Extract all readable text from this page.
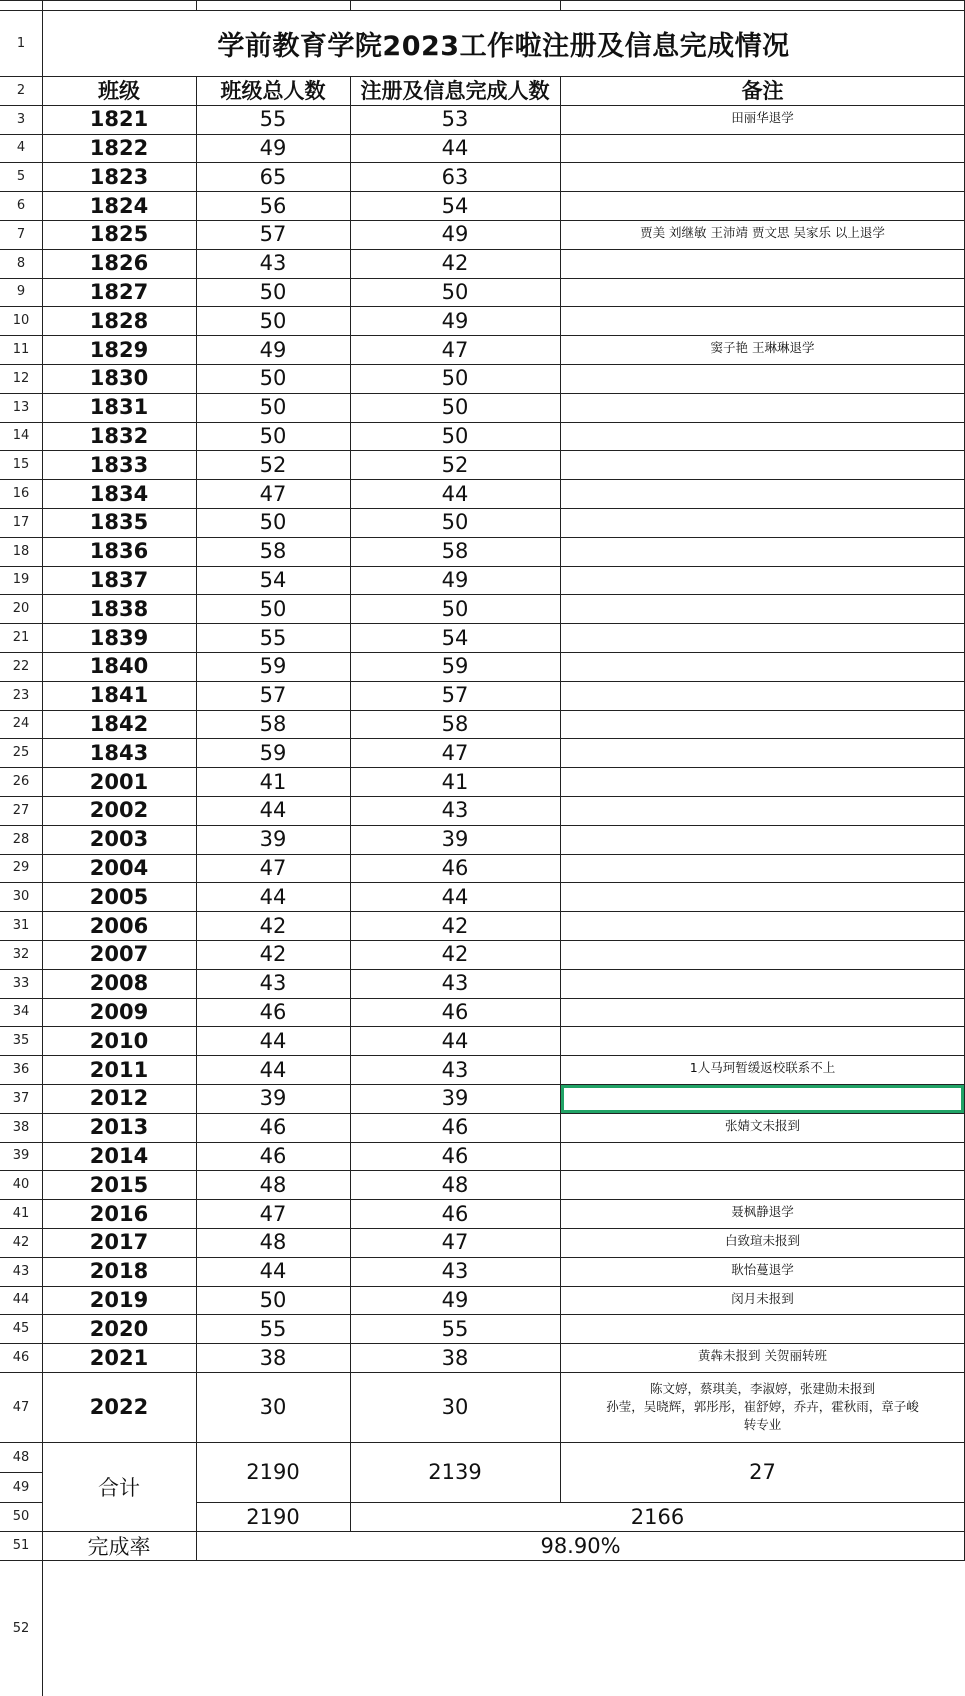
1
2
3
4
5
6
7
8
9
10
11
12
13
14
15
16
17
18
19
20
21
22
23
24
25
26
27
28
29
30
31
32
33
34
35
36
37
38
39
40
41
42
43
44
45
46
47
48
49
50
51
52
学前教育学院2023工作啦注册及信息完成情况
班级	班级总人数	注册及信息完成人数	备注
1821	55	53	田丽华退学
1822	49	44
1823	65	63
1824	56	54
1825	57	49	贾美 刘继敏 王沛靖 贾文思 吴家乐 以上退学
1826	43	42
1827	50	50
1828	50	49
1829	49	47	窦子艳 王琳琳退学
1830	50	50
1831	50	50
1832	50	50
1833	52	52
1834	47	44
1835	50	50
1836	58	58
1837	54	49
1838	50	50
1839	55	54
1840	59	59
1841	57	57
1842	58	58
1843	59	47
2001	41	41
2002	44	43
2003	39	39
2004	47	46
2005	44	44
2006	42	42
2007	42	42
2008	43	43
2009	46	46
2010	44	44
2011	44	43	1人马珂暂缓返校联系不上
2012	39	39
2013	46	46	张婧文未报到
2014	46	46
2015	48	48
2016	47	46	聂枫静退学
2017	48	47	白致瑄未报到
2018	44	43	耿怡蔓退学
2019	50	49	闵月未报到
2020	55	55
2021	38	38	黄犇未报到 关贺丽转班
2022	30	30
陈文婷，蔡琪美，李淑婷，张建勋未报到
孙莹，吴晓辉，郭彤彤，崔舒婷，乔卉，霍秋雨，章子峻
转专业
合计
2190	2139	27
2190	2166
完成率	98.90%
